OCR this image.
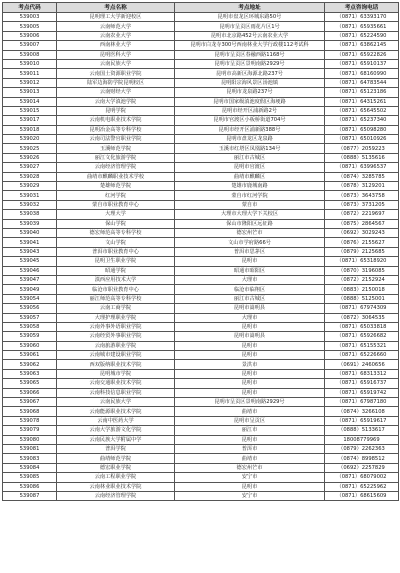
考点代码	考点名称	考点地址	考点咨询电话
539003	昆明理工大学新迎校区	昆明市盘龙区环城东路50号	（0871）63393170
539005	云南师范大学	昆明市呈贡区雨花片区1号	（0871）65935661
539006	云南农业大学	昆明市北京路452号云南农业大学	（0871）65224590
539007	西南林业大学	昆明市白龙寺300号西南林业大学行政楼112考试科	（0871）63862145
539008	昆明医科大学	昆明市呈贡区春融西路1168号	（0871）65922826
539010	云南民族大学	昆明市呈贡区景明南路2929号	（0871）65910137
539011	云南国土资源职业学院	昆明市高新区海源北路237号	（0871）68160990
539012	陆军边海防学院昆明校区	昆明阳宗海风景区汤池镇	（0871）64783544
539013	云南财经大学	昆明市龙泉路237号	（0871）65123186
539014	云南大学滇池学院	昆明市国家级滇池度假区海埂路	（0871）64315261
539015	昆明学院	昆明市经开区浦新路2号	（0871）65645502
539017	云南机电职业技术学院	昆明市官渡区小板桥街道704号	（0871）65237340
539018	昆明冶金高等专科学校	昆明市经开区浦新路388号	（0871）65098280
539020	云南司法警官职业学院	昆明市盘龙区龙泉路	（0871）65010926
539025	玉溪师范学院	玉溪市红塔区凤凰路134号	（0877）2059223
539026	丽江文化旅游学院	丽江市古城区	（0888）5135616
539027	云南经济管理学院	昆明市官渡区	（0871）63996537
539028	曲靖市麒麟职业技术学校	曲靖市麒麟区	（0874）3285785
539029	楚雄师范学院	楚雄市鹿城南路	（0878）3129201
539031	红河学院	蒙自市红河学院	（0873）3643758
539032	蒙自市职业教育中心	蒙自市	（0873）3731205
539038	大理大学	大理市大理大学下关校区	（0872）2219697
539039	保山学院	保山市隆阳区远征路	（0875）2864567
539040	德宏师范高等专科学校	德宏州芒市	（0692）3029243
539041	文山学院	文山市学府路66号	（0876）2155627
539043	普洱市职业教育中心	普洱市思茅区	（0879）2125685
539045	昆明卫生职业学院	昆明市	（0871）65318920
539046	昭通学院	昭通市昭阳区	（0870）3196085
539047	滇西应用技术大学	大理市	（0872）2152924
539049	临沧市职业教育中心	临沧市临翔区	（0883）2150018
539054	丽江师范高等专科学校	丽江市古城区	（0888）5125001
539056	云南工商学院	昆明市嵩明县	（0871）67974309
539057	大理护理职业学院	大理市	（0872）3064535
539058	云南外事外语职业学院	昆明市	（0871）65033818
539059	云南经贸外事职业学院	昆明市嵩明县	（0871）65926682
539060	云南旅游职业学院	昆明市	（0871）65155321
539061	云南城市建设职业学院	昆明市	（0871）65226660
539062	西双版纳职业技术学院	景洪市	（0691）2460656
539063	昆明城市学院	昆明市	（0871）68313312
539065	云南交通职业技术学院	昆明市	（0871）65916737
539066	云南科技信息职业学院	昆明市	（0871）65919742
539067	云南民族大学	昆明市呈贡区景明南路2929号	（0871）67987180
539068	云南能源职业技术学院	曲靖市	（0874）3266108
539078	云南中医药大学	昆明市呈贡区	（0871）65919617
539079	云南大学旅游文化学院	丽江市	（0888）5133617
539080	云南民族大学附属中学	昆明市	18008779969
539081	普洱学院	普洱市	（0879）2262363
539083	曲靖师范学院	曲靖市	（0874）8998512
539084	德宏职业学院	德宏州芒市	（0692）2257829
539085	云南工程职业学院	安宁市	（0871）68079002
539086	云南林业职业技术学院	昆明市	（0871）65225962
539087	云南经济管理学院	安宁市	（0871）68615609
